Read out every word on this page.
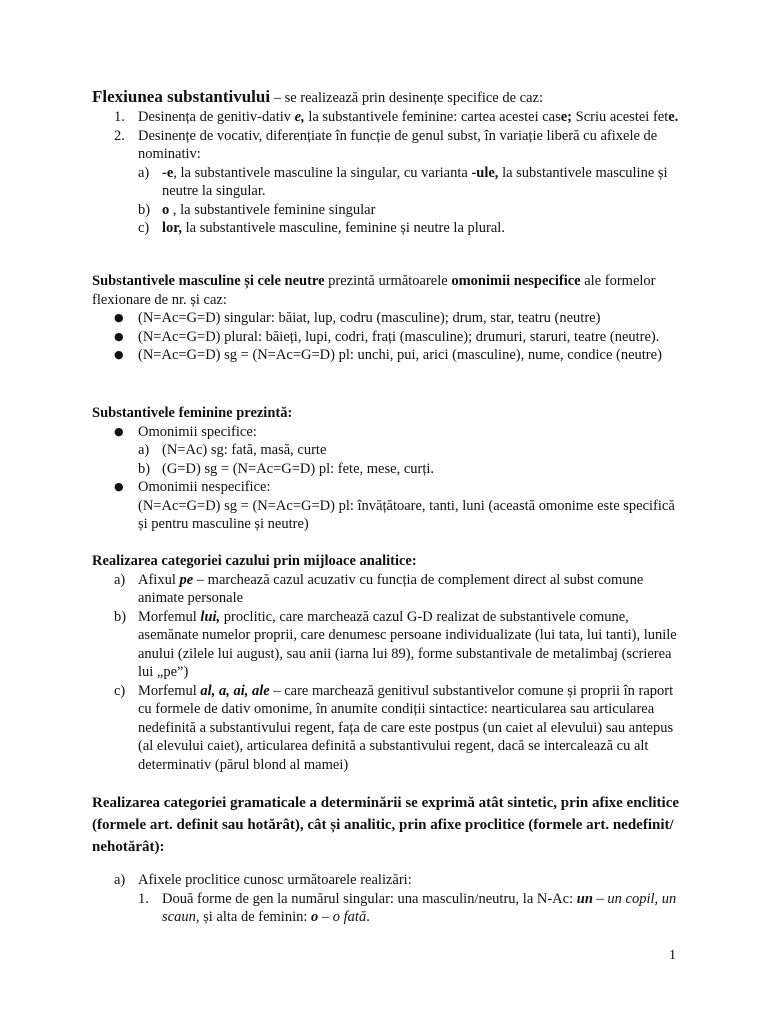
Flexiunea substantivului – se realizează prin desinențe specifice de caz:

1. Desinența de genitiv-dativ e, la substantivele feminine: cartea acestei case; Scriu acestei fete.

2. Desinențe de vocativ, diferențiate în funcție de genul subst, în variație liberă cu afixele de nominativ:

a) -e, la substantivele masculine la singular, cu varianta -ule, la substantivele masculine și neutre la singular.

b) o , la substantivele feminine singular

c) lor, la substantivele masculine, feminine și neutre la plural.

Substantivele masculine și cele neutre prezintă următoarele omonimii nespecifice ale formelor flexionare de nr. și caz:

● (N=Ac=G=D) singular: băiat, lup, codru (masculine); drum, star, teatru (neutre)

● (N=Ac=G=D) plural: băieți, lupi, codri, frați (masculine); drumuri, staruri, teatre (neutre).

● (N=Ac=G=D) sg = (N=Ac=G=D) pl: unchi, pui, arici (masculine), nume, condice (neutre)

Substantivele feminine prezintă:

● Omonimii specifice:

a) (N=Ac) sg: fată, masă, curte

b) (G=D) sg = (N=Ac=G=D) pl: fete, mese, curți.

● Omonimii nespecifice:

(N=Ac=G=D) sg = (N=Ac=G=D) pl: învățătoare, tanti, luni (această omonime este specifică și pentru masculine și neutre)

Realizarea categoriei cazului prin mijloace analitice:

a) Afixul pe – marchează cazul acuzativ cu funcția de complement direct al subst comune animate personale

b) Morfemul lui, proclitic, care marchează cazul G-D realizat de substantivele comune, asemănate numelor proprii, care denumesc persoane individualizate (lui tata, lui tanti), lunile anului (zilele lui august), sau anii (iarna lui 89), forme substantivale de metalimbaj (scrierea lui „pe”)

c) Morfemul al, a, ai, ale – care marchează genitivul substantivelor comune și proprii în raport cu formele de dativ omonime, în anumite condiții sintactice: nearticularea sau articularea nedefinită a substantivului regent, fața de care este postpus (un caiet al elevului) sau antepus (al elevului caiet), articularea definită a substantivului regent, dacă se intercalează cu alt determinativ (părul blond al mamei)

Realizarea categoriei gramaticale a determinării se exprimă atât sintetic, prin afixe enclitice (formele art. definit sau hotărât), cât și analitic, prin afixe proclitice (formele art. nedefinit/ nehotărât):

a) Afixele proclitice cunosc următoarele realizări:

1. Două forme de gen la numărul singular: una masculin/neutru, la N-Ac: un – un copil, un scaun, și alta de feminin: o – o fată.

1
